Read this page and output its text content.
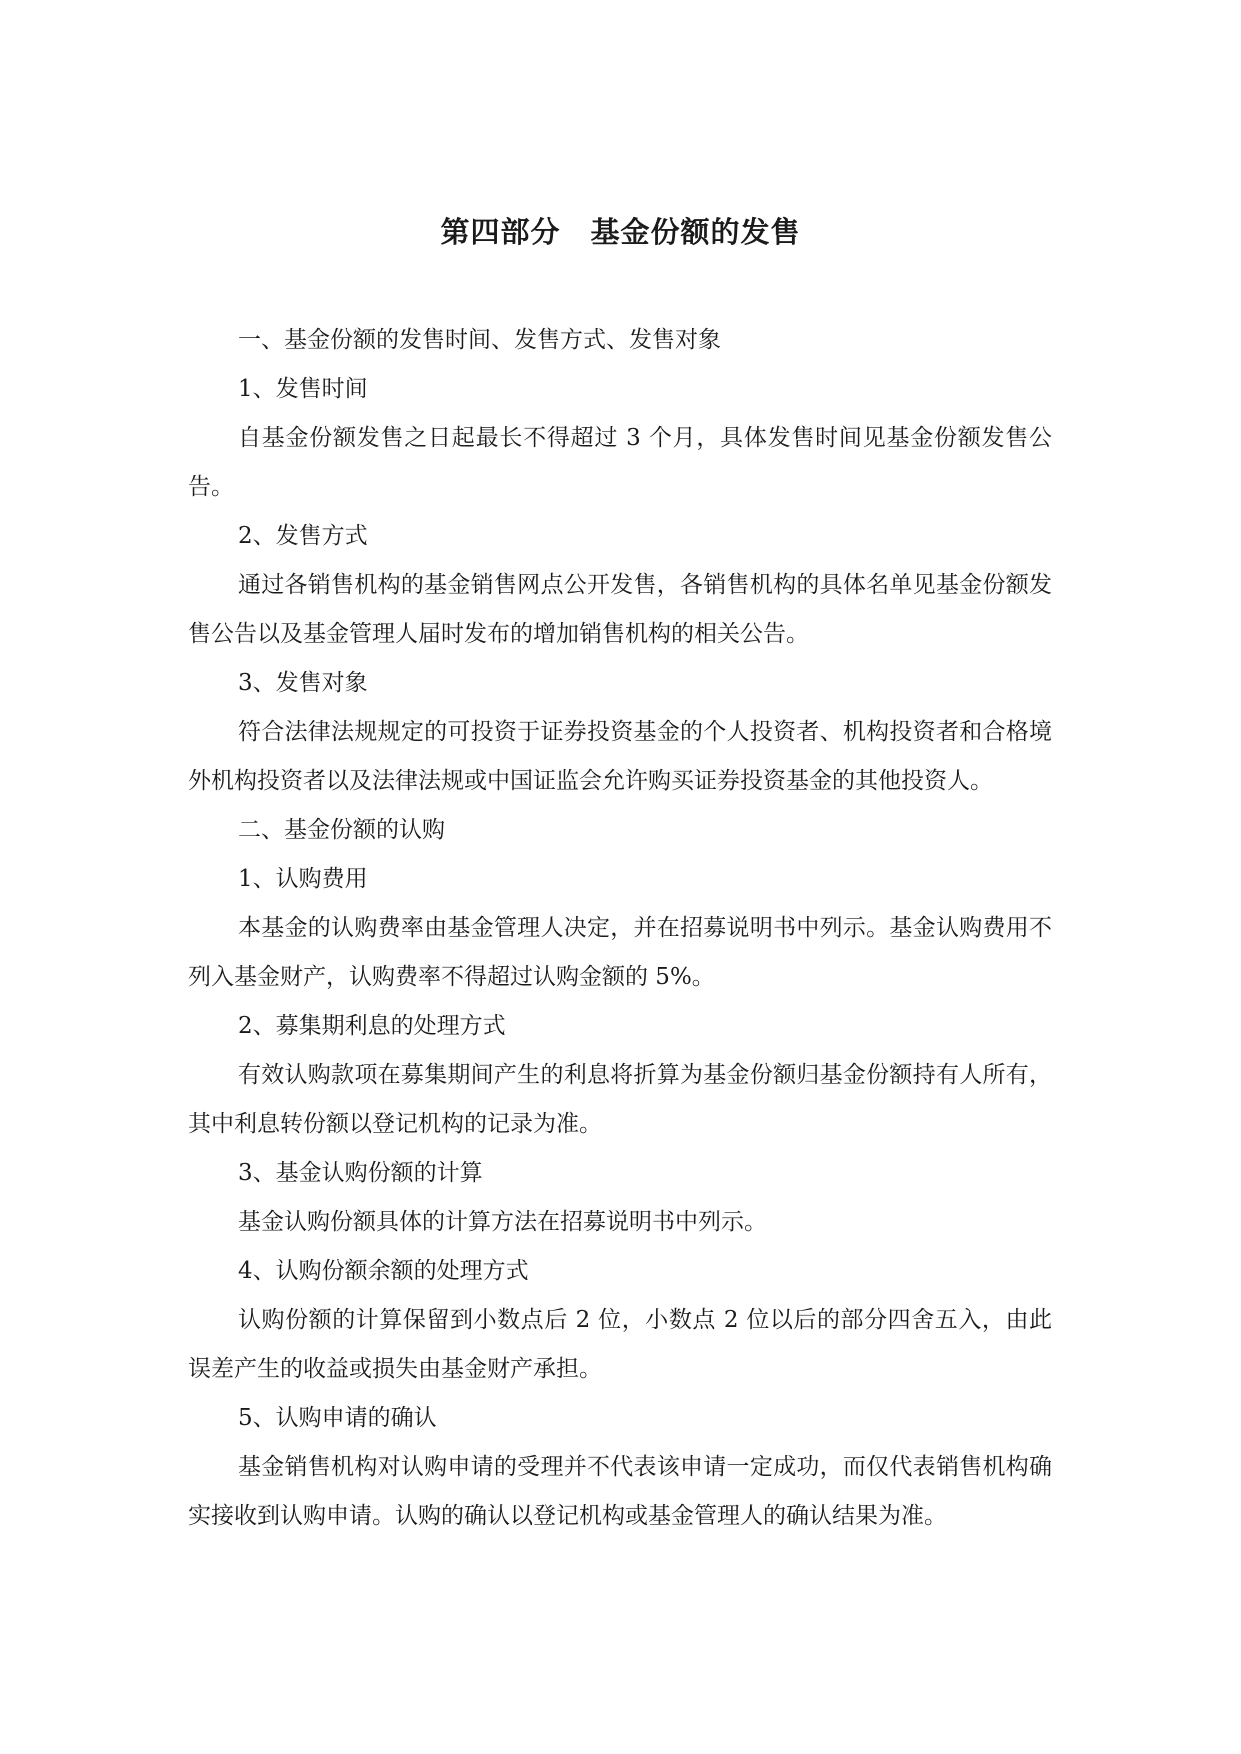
第四部分　基金份额的发售

一、基金份额的发售时间、发售方式、发售对象

1、发售时间

自基金份额发售之日起最长不得超过 3 个月，具体发售时间见基金份额发售公告。

2、发售方式

通过各销售机构的基金销售网点公开发售，各销售机构的具体名单见基金份额发售公告以及基金管理人届时发布的增加销售机构的相关公告。

3、发售对象

符合法律法规规定的可投资于证券投资基金的个人投资者、机构投资者和合格境外机构投资者以及法律法规或中国证监会允许购买证券投资基金的其他投资人。

二、基金份额的认购

1、认购费用

本基金的认购费率由基金管理人决定，并在招募说明书中列示。基金认购费用不列入基金财产，认购费率不得超过认购金额的 5%。

2、募集期利息的处理方式

有效认购款项在募集期间产生的利息将折算为基金份额归基金份额持有人所有，其中利息转份额以登记机构的记录为准。

3、基金认购份额的计算

基金认购份额具体的计算方法在招募说明书中列示。

4、认购份额余额的处理方式

认购份额的计算保留到小数点后 2 位，小数点 2 位以后的部分四舍五入，由此误差产生的收益或损失由基金财产承担。

5、认购申请的确认

基金销售机构对认购申请的受理并不代表该申请一定成功，而仅代表销售机构确实接收到认购申请。认购的确认以登记机构或基金管理人的确认结果为准。
